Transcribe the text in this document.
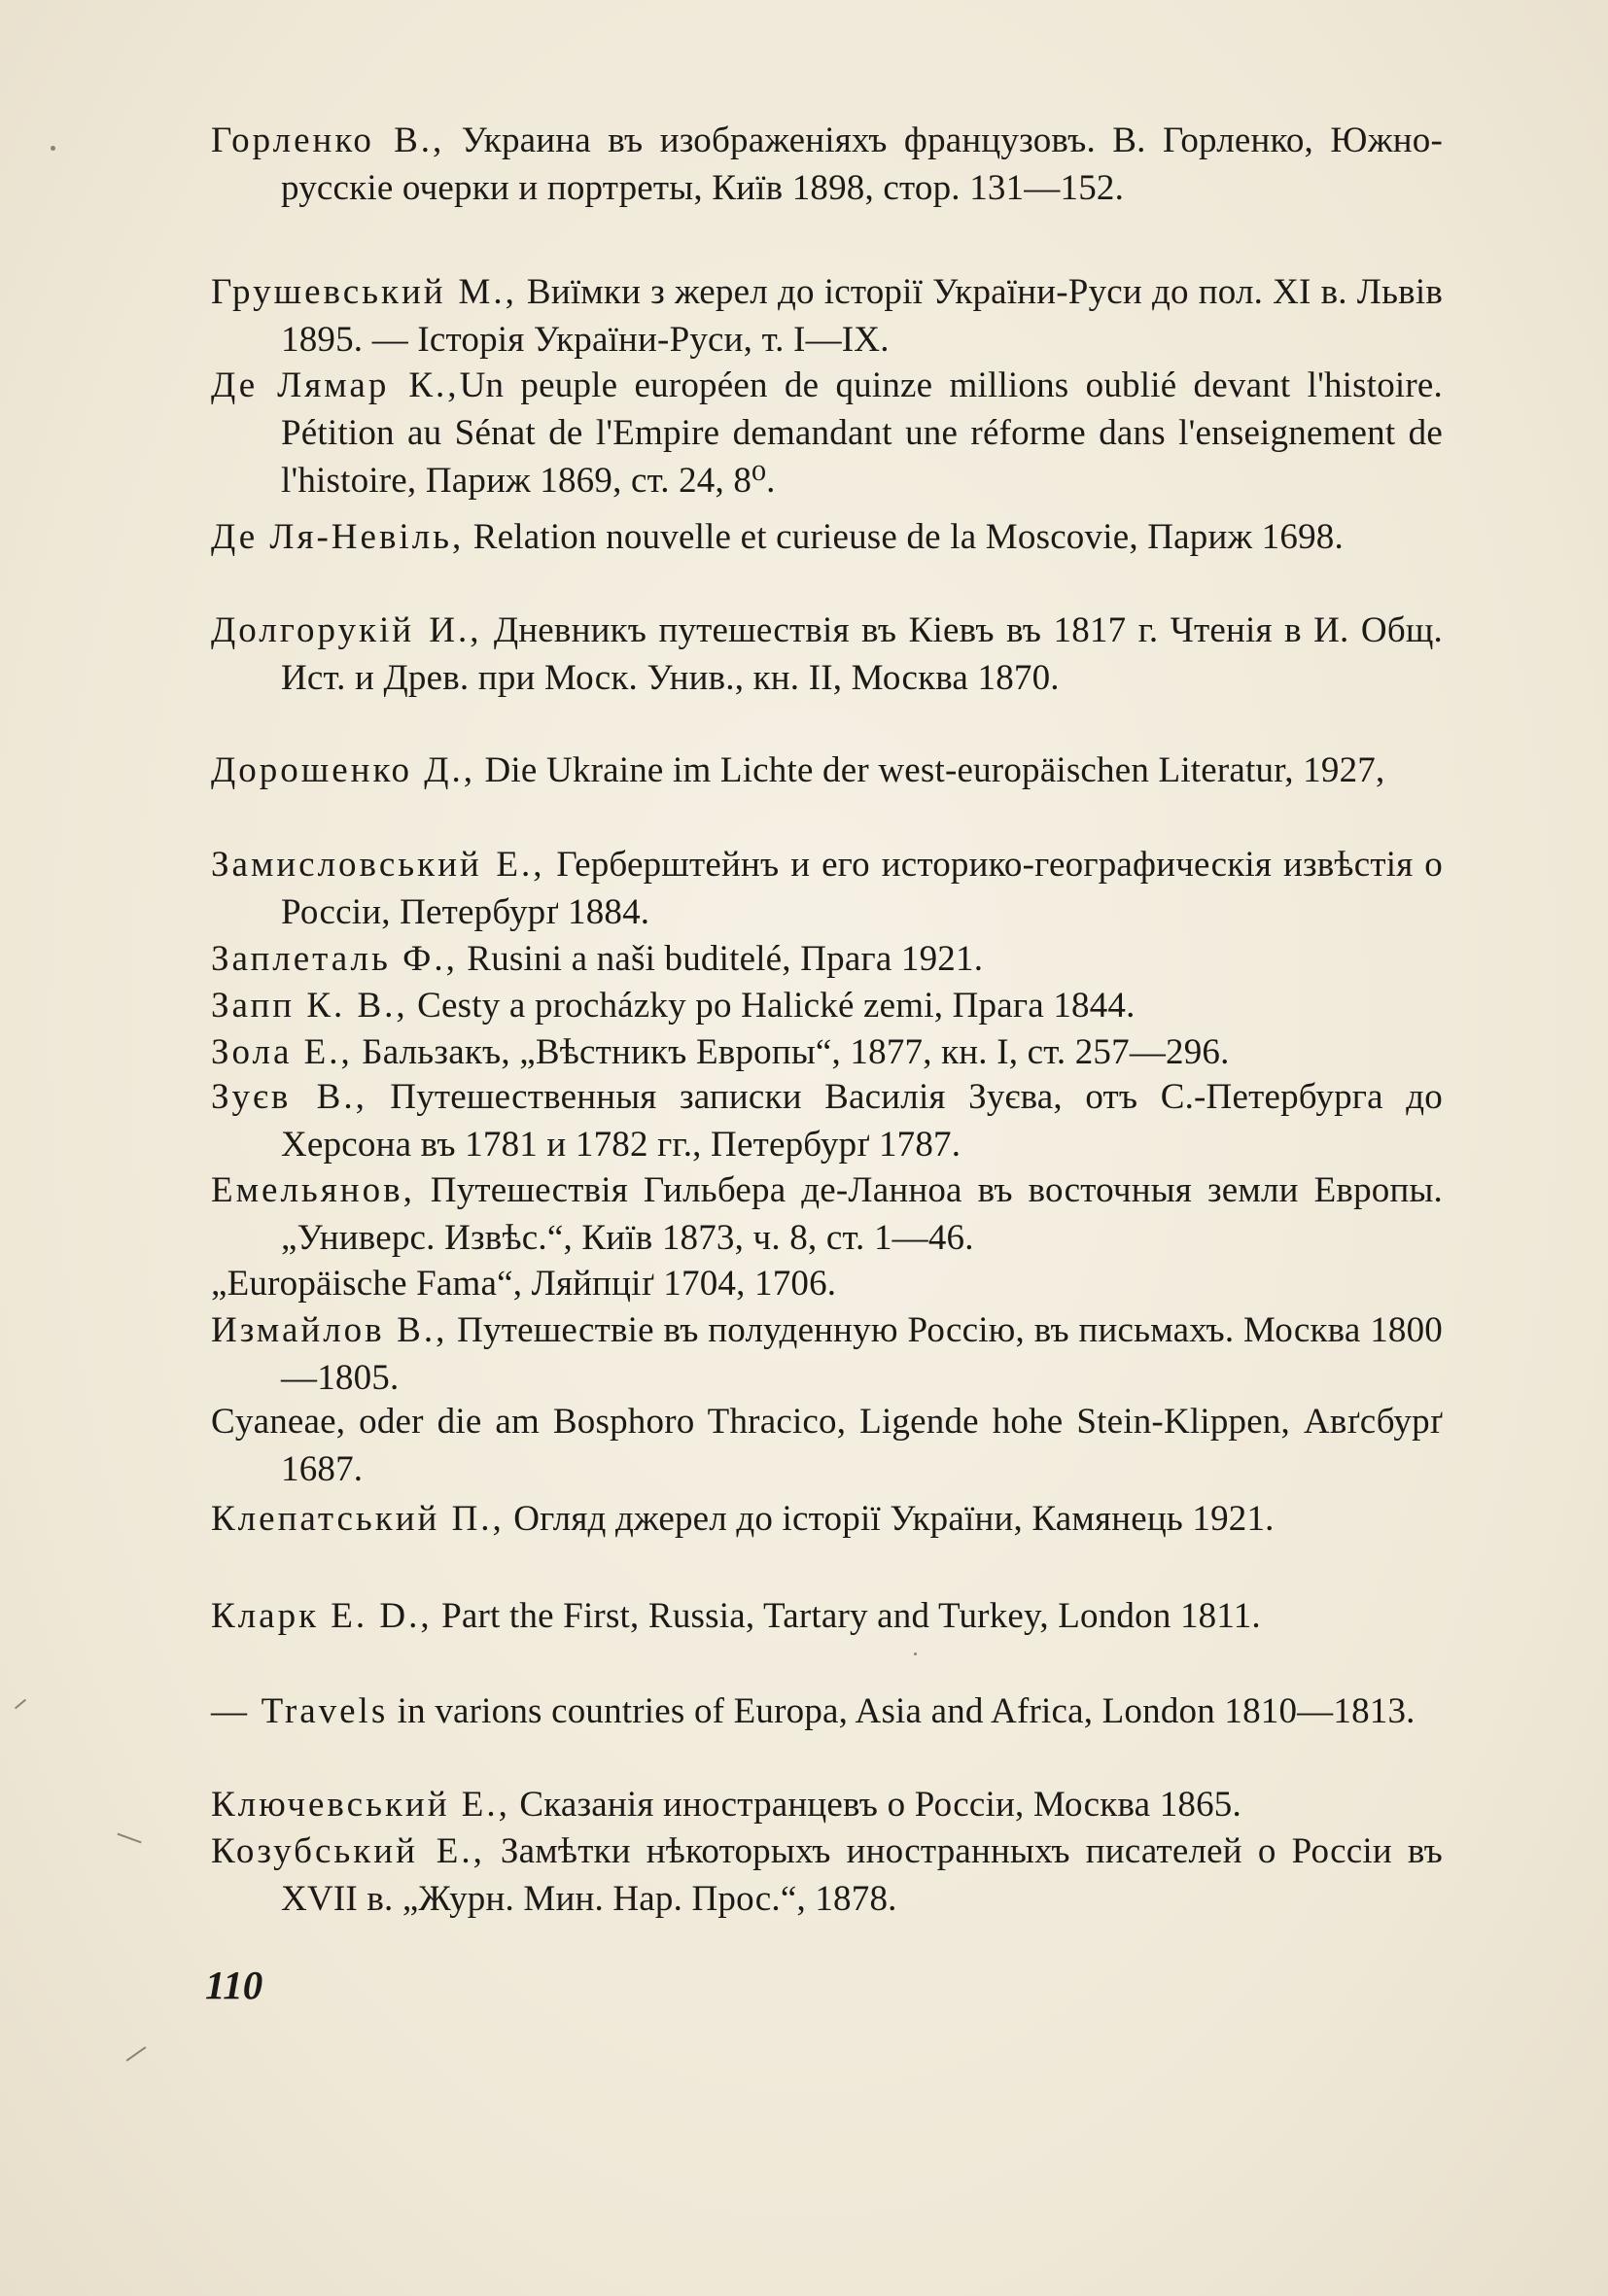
Горленко В., Украина въ изображеніяхъ французовъ. В. Горленко, Южно-русскіе очерки и портреты, Київ 1898, стор. 131—152.

Грушевський М., Виїмки з жерел до історії України-Руси до пол. XI в. Львів 1895. — Історія України-Руси, т. I—IX.

Де Лямар К.,Un peuple européen de quinze millions oublié devant l'histoire. Pétition au Sénat de l'Empire demandant une réforme dans l'enseignement de l'histoire, Париж 1869, ст. 24, 8⁰.

Де Ля-Невіль, Relation nouvelle et curieuse de la Moscovie, Париж 1698.

Долгорукій И., Дневникъ путешествія въ Кіевъ въ 1817 г. Чтенія в И. Общ. Ист. и Древ. при Моск. Унив., кн. II, Москва 1870.

Дорошенко Д., Die Ukraine im Lichte der west-europäischen Literatur, 1927,

Замисловський Е., Герберштейнъ и его историко-географическія извѣстія о Россіи, Петербурґ 1884.

Заплеталь Ф., Rusini a naši buditelé, Прага 1921.

Запп К. В., Cesty a procházky po Halické zemi, Прага 1844.

Зола Е., Бальзакъ, „Вѣстникъ Европы“, 1877, кн. I, ст. 257—296.

Зуєв В., Путешественныя записки Василія Зуєва, отъ С.-Петербурга до Херсона въ 1781 и 1782 гг., Петербурґ 1787.

Емельянов, Путешествія Гильбера де-Ланноа въ восточныя земли Европы. „Универс. Извѣс.“, Київ 1873, ч. 8, ст. 1—46.

„Europäische Fama“, Ляйпціґ 1704, 1706.

Измайлов В., Путешествіе въ полуденную Россію, въ письмахъ. Москва 1800—1805.

Cyaneae, oder die am Bosphoro Thracico, Ligende hohe Stein-Klippen, Авґсбурґ 1687.

Клепатський П., Огляд джерел до історії України, Камянець 1921.

Кларк E. D., Part the First, Russia, Tartary and Turkey, London 1811.

— Travels in varions countries of Europa, Asia and Africa, London 1810—1813.

Ключевський Е., Сказанія иностранцевъ о Россіи, Москва 1865.

Козубський Е., Замѣтки нѣкоторыхъ иностранныхъ писателей о Россіи въ XVII в. „Журн. Мин. Нар. Прос.“, 1878.

110
